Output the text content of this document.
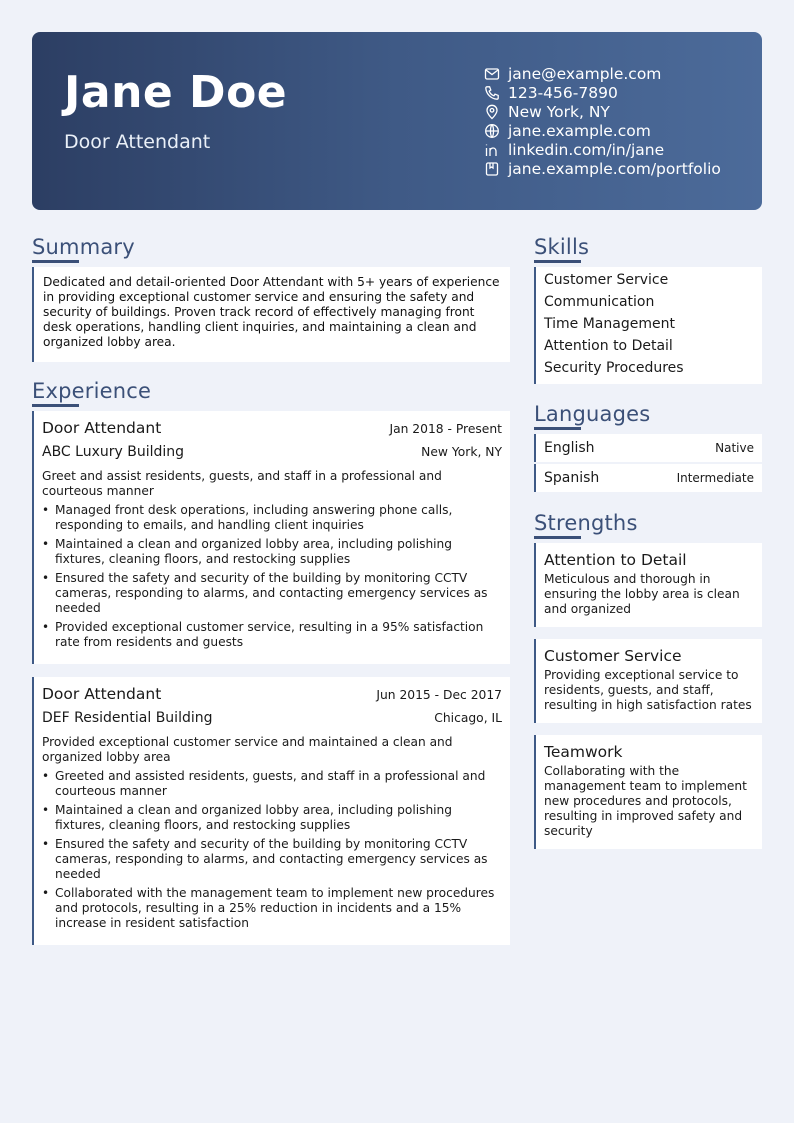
Jane Doe
Door Attendant
jane@example.com
123-456-7890
New York, NY
jane.example.com
linkedin.com/in/jane
jane.example.com/portfolio
Summary
Dedicated and detail-oriented Door Attendant with 5+ years of experience in providing exceptional customer service and ensuring the safety and security of buildings. Proven track record of effectively managing front desk operations, handling client inquiries, and maintaining a clean and organized lobby area.
Experience
Door Attendant	Jan 2018 - Present
ABC Luxury Building	New York, NY
Greet and assist residents, guests, and staff in a professional and courteous manner
• Managed front desk operations, including answering phone calls, responding to emails, and handling client inquiries
• Maintained a clean and organized lobby area, including polishing fixtures, cleaning floors, and restocking supplies
• Ensured the safety and security of the building by monitoring CCTV cameras, responding to alarms, and contacting emergency services as needed
• Provided exceptional customer service, resulting in a 95% satisfaction rate from residents and guests
Door Attendant	Jun 2015 - Dec 2017
DEF Residential Building	Chicago, IL
Provided exceptional customer service and maintained a clean and organized lobby area
• Greeted and assisted residents, guests, and staff in a professional and courteous manner
• Maintained a clean and organized lobby area, including polishing fixtures, cleaning floors, and restocking supplies
• Ensured the safety and security of the building by monitoring CCTV cameras, responding to alarms, and contacting emergency services as needed
• Collaborated with the management team to implement new procedures and protocols, resulting in a 25% reduction in incidents and a 15% increase in resident satisfaction
Skills
Customer Service
Communication
Time Management
Attention to Detail
Security Procedures
Languages
English	Native
Spanish	Intermediate
Strengths
Attention to Detail
Meticulous and thorough in ensuring the lobby area is clean and organized
Customer Service
Providing exceptional service to residents, guests, and staff, resulting in high satisfaction rates
Teamwork
Collaborating with the management team to implement new procedures and protocols, resulting in improved safety and security
